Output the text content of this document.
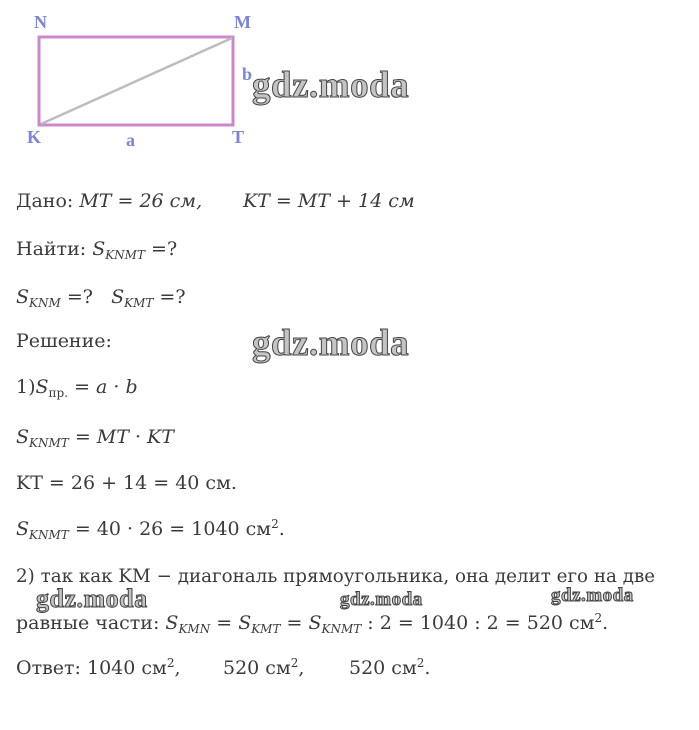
N	M
K	T
b
a
gdz.moda
gdz.moda
gdz.moda	gdz.moda	gdz.moda
Дано: MT = 26 см, KT = MT + 14 см
Найти: $S_{KNMT}$ =?
$S_{KNM}$ =? $S_{KMT}$ =?
Решение:
$1)S_{пр.} = a \cdot b$
$S_{KNMT}$ = MT · KT
KT = 26 + 14 = 40 см.
$S_{KNMT} = 40 \cdot 26 = 1040$ $см^2$.
2) так как KM − диагональ прямоугольника, она делит его на две
равные части: $S_{KMN} = S_{KMT} = S_{KNMT}$ : 2 = 1040 : 2 = 520 $см^2$.
Ответ: 1040 $см^2$, 520 $см^2$, 520 $см^2$.
